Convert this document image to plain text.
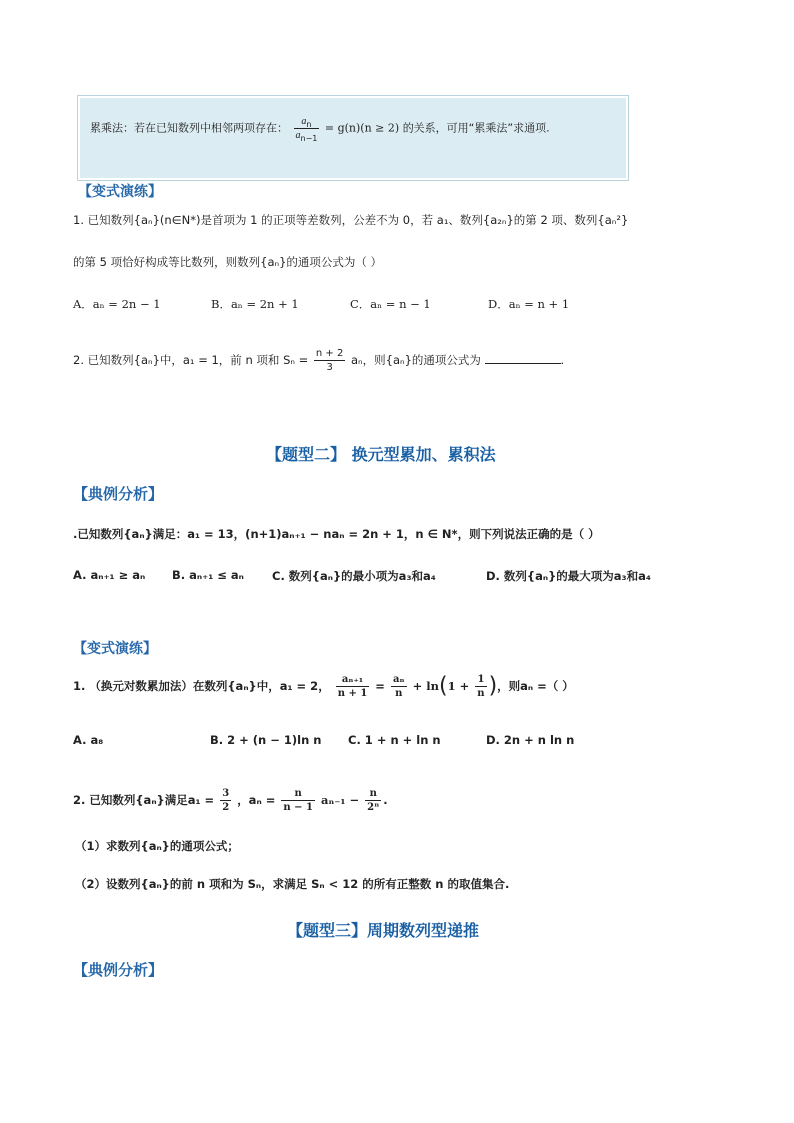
累乘法：若在已知数列中相邻两项存在： $\frac{a_n}{a_{n-1}} = g(n)(n \ge 2)$ 的关系，可用“累乘法”求通项.
【变式演练】
1. 已知数列{aₙ}(n∈N*)是首项为 1 的正项等差数列，公差不为 0，若 a₁、数列{a₂ₙ}的第 2 项、数列{aₙ²}
的第 5 项恰好构成等比数列，则数列{aₙ}的通项公式为（ ）
A．aₙ = 2n − 1	B．aₙ = 2n + 1	C．aₙ = n − 1	D．aₙ = n + 1
2. 已知数列{aₙ}中，a₁ = 1，前 n 项和 $S_n = \frac{n + 2}{3}$ aₙ，则{aₙ}的通项公式为	.
【题型二】 换元型累加、累积法
【典例分析】
.已知数列{aₙ}满足：a₁ = 13，(n+1)aₙ₊₁ − naₙ = 2n + 1，n ∈ N*，则下列说法正确的是（ ）
A. aₙ₊₁ ≥ aₙ B. aₙ₊₁ ≤ aₙ C. 数列{aₙ}的最小项为a₃和a₄	D. 数列{aₙ}的最大项为a₃和a₄
【变式演练】
1. （换元对数累加法）在数列{aₙ}中，a₁ = 2， $\frac{\text{aₙ₊₁}}{n + 1} = \frac{\text{aₙ}}{n} + \ln(1 + \frac{1}{n}$ )，则aₙ =（ ）
A. a₈	B. 2 + (n − 1)ln n C. 1 + n + ln n	D. 2n + n ln n
2. 已知数列{aₙ}满足$a_1 = \frac{3}{2}$ ，$a_n = \frac{n}{n - 1} a_{n-1} - \frac{n}{\text{2ⁿ}}$ .
（1）求数列{aₙ}的通项公式；
（2）设数列{aₙ}的前 n 项和为 Sₙ，求满足 Sₙ < 12 的所有正整数 n 的取值集合.
【题型三】周期数列型递推
【典例分析】
